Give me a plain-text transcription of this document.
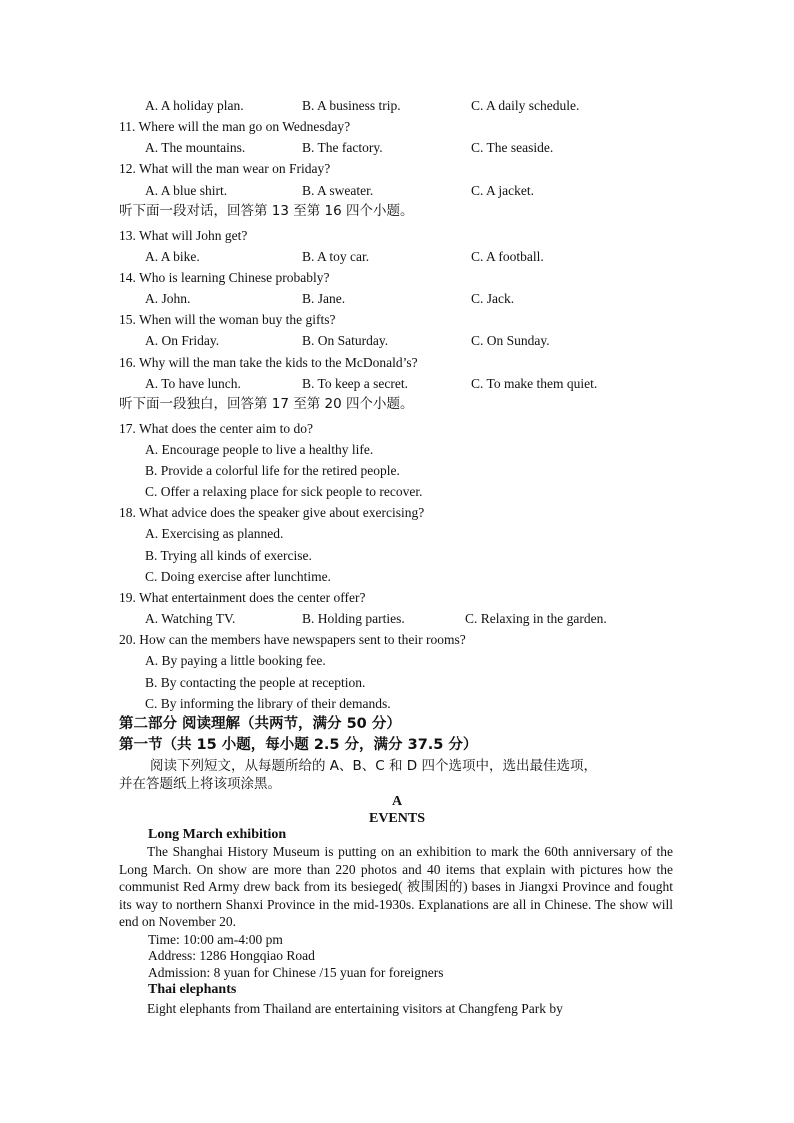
A. A holiday plan.	B. A business trip.	C. A daily schedule.
11. Where will the man go on Wednesday?
A. The mountains.	B. The factory.	C. The seaside.
12. What will the man wear on Friday?
A. A blue shirt.	B. A sweater.	C. A jacket.
听下面一段对话，回答第 13 至第 16 四个小题。
13. What will John get?
A. A bike.	B. A toy car.	C. A football.
14. Who is learning Chinese probably?
A. John.	B. Jane.	C. Jack.
15. When will the woman buy the gifts?
A. On Friday.	B. On Saturday.	C. On Sunday.
16. Why will the man take the kids to the McDonald’s?
A. To have lunch.	B. To keep a secret.	C. To make them quiet.
听下面一段独白，回答第 17 至第 20 四个小题。
17. What does the center aim to do?
A. Encourage people to live a healthy life.
B. Provide a colorful life for the retired people.
C. Offer a relaxing place for sick people to recover.
18. What advice does the speaker give about exercising?
A. Exercising as planned.
B. Trying all kinds of exercise.
C. Doing exercise after lunchtime.
19. What entertainment does the center offer?
A. Watching TV.	B. Holding parties.	C. Relaxing in the garden.
20. How can the members have newspapers sent to their rooms?
A. By paying a little booking fee.
B. By contacting the people at reception.
C. By informing the library of their demands.
第二部分 阅读理解（共两节，满分 50 分）
第一节（共 15 小题，每小题 2.5 分，满分 37.5 分）
阅读下列短文，从每题所给的 A、B、C 和 D 四个选项中，选出最佳选项，
并在答题纸上将该项涂黑。
A
EVENTS
Long March exhibition

The Shanghai History Museum is putting on an exhibition to mark the 60th anniversary of the Long March. On show are more than 220 photos and 40 items that explain with pictures how the communist Red Army drew back from its besieged( 被围困的) bases in Jiangxi Province and fought its way to northern Shanxi Province in the mid-1930s. Explanations are all in Chinese. The show will end on November 20.

Time: 10:00 am-4:00 pm
Address: 1286 Hongqiao Road
Admission: 8 yuan for Chinese /15 yuan for foreigners
Thai elephants

Eight elephants from Thailand are entertaining visitors at Changfeng Park by
